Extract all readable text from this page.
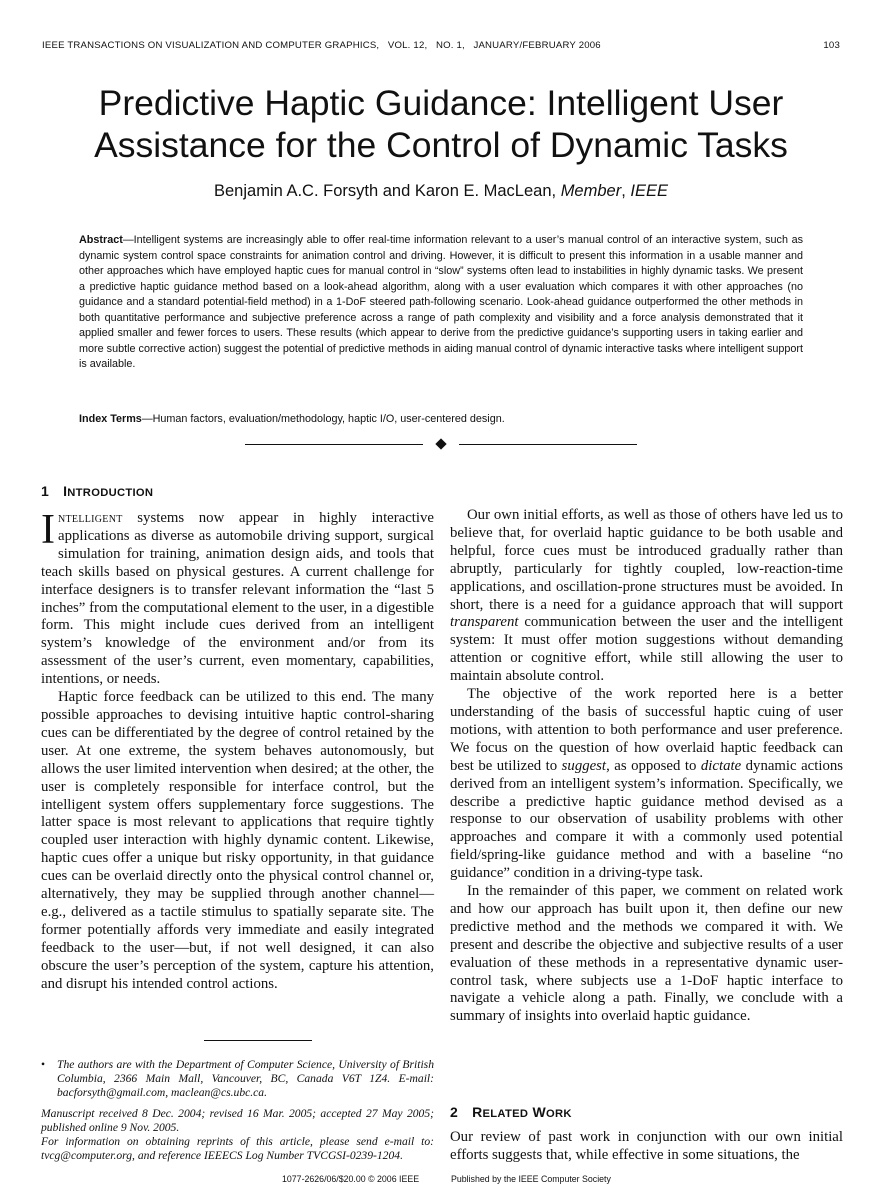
IEEE TRANSACTIONS ON VISUALIZATION AND COMPUTER GRAPHICS,   VOL. 12,   NO. 1,   JANUARY/FEBRUARY 2006	103
Predictive Haptic Guidance: Intelligent User Assistance for the Control of Dynamic Tasks
Benjamin A.C. Forsyth and Karon E. MacLean, Member, IEEE

Abstract—Intelligent systems are increasingly able to offer real-time information relevant to a user’s manual control of an interactive system, such as dynamic system control space constraints for animation control and driving. However, it is difficult to present this information in a usable manner and other approaches which have employed haptic cues for manual control in “slow” systems often lead to instabilities in highly dynamic tasks. We present a predictive haptic guidance method based on a look-ahead algorithm, along with a user evaluation which compares it with other approaches (no guidance and a standard potential-field method) in a 1-DoF steered path-following scenario. Look-ahead guidance outperformed the other methods in both quantitative performance and subjective preference across a range of path complexity and visibility and a force analysis demonstrated that it applied smaller and fewer forces to users. These results (which appear to derive from the predictive guidance’s supporting users in taking earlier and more subtle corrective action) suggest the potential of predictive methods in aiding manual control of dynamic interactive tasks where intelligent support is available.

Index Terms—Human factors, evaluation/methodology, haptic I/O, user-centered design.

1 INTRODUCTION

Intelligent systems now appear in highly interactive applications as diverse as automobile driving support, surgical simulation for training, animation design aids, and tools that teach skills based on physical gestures. A current challenge for interface designers is to transfer relevant information the “last 5 inches” from the computational element to the user, in a digestible form. This might include cues derived from an intelligent system’s knowledge of the environment and/or from its assessment of the user’s current, even momentary, capabilities, intentions, or needs.

Haptic force feedback can be utilized to this end. The many possible approaches to devising intuitive haptic control-sharing cues can be differentiated by the degree of control retained by the user. At one extreme, the system behaves autonomously, but allows the user limited intervention when desired; at the other, the user is completely responsible for interface control, but the intelligent system offers supplementary force suggestions. The latter space is most relevant to applications that require tightly coupled user interaction with highly dynamic content. Likewise, haptic cues offer a unique but risky opportunity, in that guidance cues can be overlaid directly onto the physical control channel or, alternatively, they may be supplied through another channel—e.g., delivered as a tactile stimulus to spatially separate site. The former potentially affords very immediate and easily integrated feedback to the user—but, if not well designed, it can also obscure the user’s perception of the system, capture his attention, and disrupt his intended control actions.

Our own initial efforts, as well as those of others have led us to believe that, for overlaid haptic guidance to be both usable and helpful, force cues must be introduced gradually rather than abruptly, particularly for tightly coupled, low-reaction-time applications, and oscillation-prone structures must be avoided. In short, there is a need for a guidance approach that will support transparent communication between the user and the intelligent system: It must offer motion suggestions without demanding attention or cognitive effort, while still allowing the user to maintain absolute control.

The objective of the work reported here is a better understanding of the basis of successful haptic cuing of user motions, with attention to both performance and user preference. We focus on the question of how overlaid haptic feedback can best be utilized to suggest, as opposed to dictate dynamic actions derived from an intelligent system’s information. Specifically, we describe a predictive haptic guidance method devised as a response to our observation of usability problems with other approaches and compare it with a commonly used potential field/spring-like guidance method and with a baseline “no guidance” condition in a driving-type task.

In the remainder of this paper, we comment on related work and how our approach has built upon it, then define our new predictive method and the methods we compared it with. We present and describe the objective and subjective results of a user evaluation of these methods in a representative dynamic user-control task, where subjects use a 1-DoF haptic interface to navigate a vehicle along a path. Finally, we conclude with a summary of insights into overlaid haptic guidance.

•	The authors are with the Department of Computer Science, University of British Columbia, 2366 Main Mall, Vancouver, BC, Canada V6T 1Z4. E-mail: bacforsyth@gmail.com, maclean@cs.ubc.ca.
Manuscript received 8 Dec. 2004; revised 16 Mar. 2005; accepted 27 May 2005; published online 9 Nov. 2005.
For information on obtaining reprints of this article, please send e-mail to: tvcg@computer.org, and reference IEEECS Log Number TVCGSI-0239-1204.
2 RELATED WORK

Our review of past work in conjunction with our own initial efforts suggests that, while effective in some situations, the

1077-2626/06/$20.00 © 2006 IEEE	Published by the IEEE Computer Society
